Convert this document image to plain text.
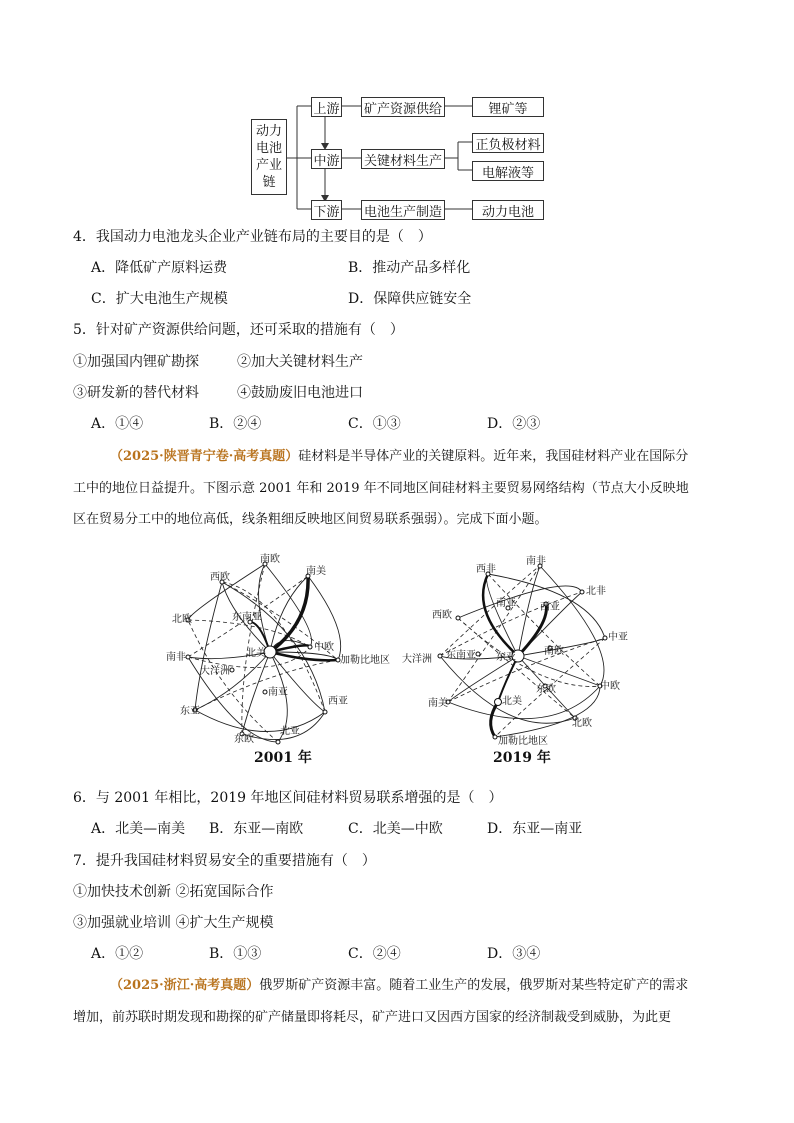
动力
电池
产业
链
上游
中游
下游
矿产资源供给
关键材料生产
电池生产制造
锂矿等
正负极材料
电解液等
动力电池
4．我国动力电池龙头企业产业链布局的主要目的是（　）
A．降低矿产原料运费	B．推动产品多样化
C．扩大电池生产规模	D．保障供应链安全
5．针对矿产资源供给问题，还可采取的措施有（　）
①加强国内锂矿勘探	②加大关键材料生产
③研发新的替代材料	④鼓励废旧电池进口
A．①④	B．②④	C．①③	D．②③
（2025·陕晋青宁卷·高考真题）硅材料是半导体产业的关键原料。近年来，我国硅材料产业在国际分
工中的地位日益提升。下图示意 2001 年和 2019 年不同地区间硅材料主要贸易网络结构（节点大小反映地
区在贸易分工中的地位高低，线条粗细反映地区间贸易联系强弱）。完成下面小题。
南欧
南美
西欧
东南亚
北欧
中欧
北美
加勒比地区
南非
大洋洲
南亚
西亚
东亚
北亚
东欧
2001 年
西非
南非
北非
南亚 西亚
西欧
中亚
大洋洲 东南亚 东亚
南欧
东欧	中欧
南美	北美
北欧
加勒比地区
2019 年
6．与 2001 年相比，2019 年地区间硅材料贸易联系增强的是（　）
A．北美—南美 B．东亚—南欧	C．北美—中欧	D．东亚—南亚
7．提升我国硅材料贸易安全的重要措施有（　）
①加快技术创新 ②拓宽国际合作
③加强就业培训 ④扩大生产规模
A．①②	B．①③	C．②④	D．③④
（2025·浙江·高考真题）俄罗斯矿产资源丰富。随着工业生产的发展，俄罗斯对某些特定矿产的需求
增加，前苏联时期发现和勘探的矿产储量即将耗尽，矿产进口又因西方国家的经济制裁受到威胁，为此更
